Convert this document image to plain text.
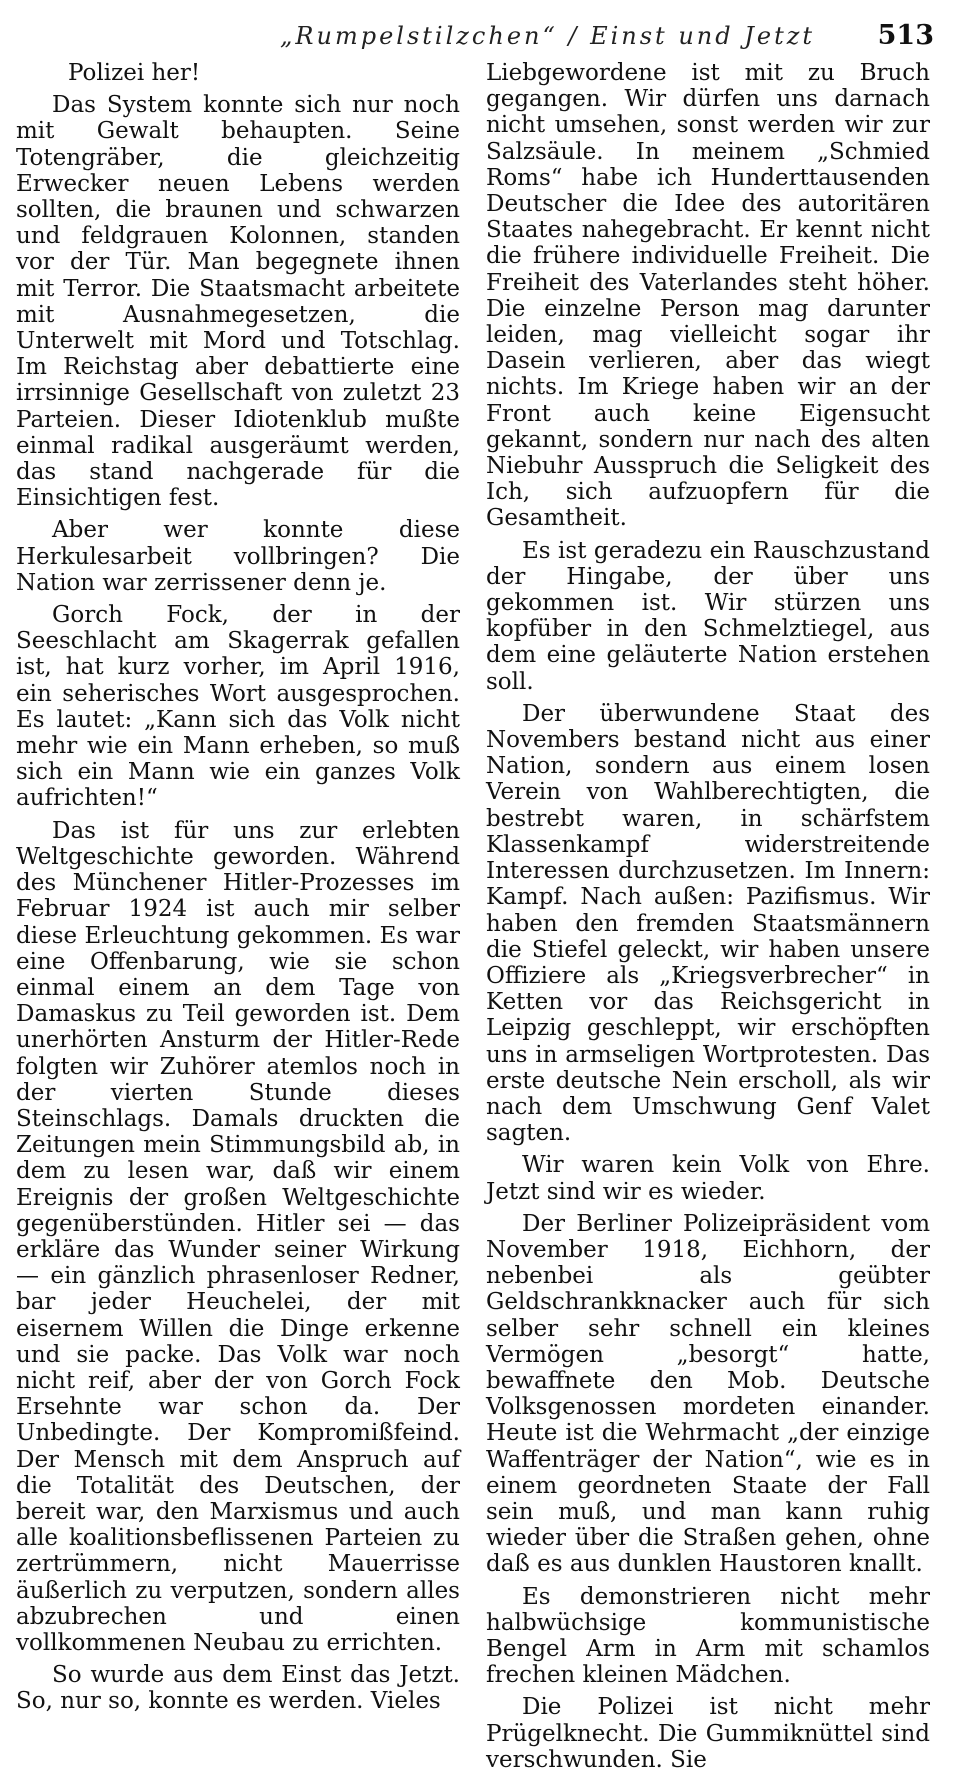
„Rumpelstilzchen“ / Einst und Jetzt 513

Polizei her!

Das System konnte sich nur noch mit Gewalt behaupten. Seine Totengräber, die gleichzeitig Erwecker neuen Lebens werden sollten, die braunen und schwarzen und feldgrauen Kolonnen, standen vor der Tür. Man begegnete ihnen mit Terror. Die Staatsmacht arbeitete mit Ausnahmegesetzen, die Unterwelt mit Mord und Totschlag. Im Reichstag aber debattierte eine irrsinnige Gesellschaft von zuletzt 23 Parteien. Dieser Idiotenklub mußte einmal radikal ausgeräumt werden, das stand nachgerade für die Einsichtigen fest.

Aber wer konnte diese Herkulesarbeit vollbringen? Die Nation war zerrissener denn je.

Gorch Fock, der in der Seeschlacht am Skagerrak gefallen ist, hat kurz vorher, im April 1916, ein seherisches Wort ausgesprochen. Es lautet: „Kann sich das Volk nicht mehr wie ein Mann erheben, so muß sich ein Mann wie ein ganzes Volk aufrichten!“

Das ist für uns zur erlebten Weltgeschichte geworden. Während des Münchener Hitler-Prozesses im Februar 1924 ist auch mir selber diese Erleuchtung gekommen. Es war eine Offenbarung, wie sie schon einmal einem an dem Tage von Damaskus zu Teil geworden ist. Dem unerhörten Ansturm der Hitler-Rede folgten wir Zuhörer atemlos noch in der vierten Stunde dieses Steinschlags. Damals druckten die Zeitungen mein Stimmungsbild ab, in dem zu lesen war, daß wir einem Ereignis der großen Weltgeschichte gegenüberstünden. Hitler sei — das erkläre das Wunder seiner Wirkung — ein gänzlich phrasenloser Redner, bar jeder Heuchelei, der mit eisernem Willen die Dinge erkenne und sie packe. Das Volk war noch nicht reif, aber der von Gorch Fock Ersehnte war schon da. Der Unbedingte. Der Kompromißfeind. Der Mensch mit dem Anspruch auf die Totalität des Deutschen, der bereit war, den Marxismus und auch alle koalitionsbeflissenen Parteien zu zertrümmern, nicht Mauerrisse äußerlich zu verputzen, sondern alles abzubrechen und einen vollkommenen Neubau zu errichten.

So wurde aus dem Einst das Jetzt. So, nur so, konnte es werden. Vieles

Liebgewordene ist mit zu Bruch gegangen. Wir dürfen uns darnach nicht umsehen, sonst werden wir zur Salzsäule. In meinem „Schmied Roms“ habe ich Hunderttausenden Deutscher die Idee des autoritären Staates nahegebracht. Er kennt nicht die frühere individuelle Freiheit. Die Freiheit des Vaterlandes steht höher. Die einzelne Person mag darunter leiden, mag vielleicht sogar ihr Dasein verlieren, aber das wiegt nichts. Im Kriege haben wir an der Front auch keine Eigensucht gekannt, sondern nur nach des alten Niebuhr Ausspruch die Seligkeit des Ich, sich aufzuopfern für die Gesamtheit.

Es ist geradezu ein Rauschzustand der Hingabe, der über uns gekommen ist. Wir stürzen uns kopfüber in den Schmelztiegel, aus dem eine geläuterte Nation erstehen soll.

Der überwundene Staat des Novembers bestand nicht aus einer Nation, sondern aus einem losen Verein von Wahlberechtigten, die bestrebt waren, in schärfstem Klassenkampf widerstreitende Interessen durchzusetzen. Im Innern: Kampf. Nach außen: Pazifismus. Wir haben den fremden Staatsmännern die Stiefel geleckt, wir haben unsere Offiziere als „Kriegsverbrecher“ in Ketten vor das Reichsgericht in Leipzig geschleppt, wir erschöpften uns in armseligen Wortprotesten. Das erste deutsche Nein erscholl, als wir nach dem Umschwung Genf Valet sagten.

Wir waren kein Volk von Ehre. Jetzt sind wir es wieder.

Der Berliner Polizeipräsident vom November 1918, Eichhorn, der nebenbei als geübter Geldschrankknacker auch für sich selber sehr schnell ein kleines Vermögen „besorgt“ hatte, bewaffnete den Mob. Deutsche Volksgenossen mordeten einander. Heute ist die Wehrmacht „der einzige Waffenträger der Nation“, wie es in einem geordneten Staate der Fall sein muß, und man kann ruhig wieder über die Straßen gehen, ohne daß es aus dunklen Haustoren knallt.

Es demonstrieren nicht mehr halbwüchsige kommunistische Bengel Arm in Arm mit schamlos frechen kleinen Mädchen.

Die Polizei ist nicht mehr Prügelknecht. Die Gummiknüttel sind verschwunden. Sie
